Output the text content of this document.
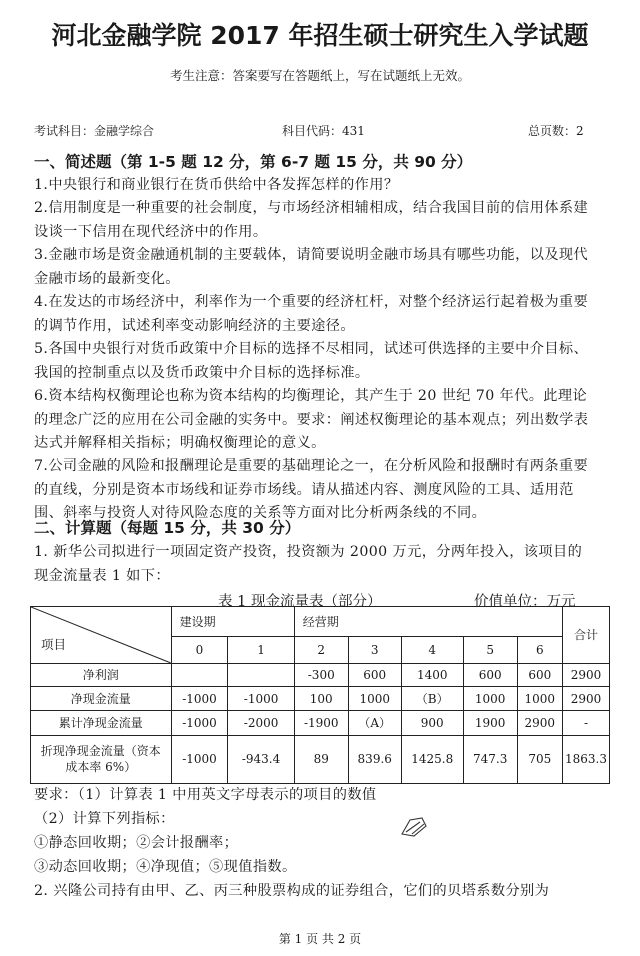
河北金融学院 2017 年招生硕士研究生入学试题
考生注意：答案要写在答题纸上，写在试题纸上无效。
考试科目：金融学综合	科目代码：431	总页数：2
一、简述题（第 1-5 题 12 分，第 6-7 题 15 分，共 90 分）
1.中央银行和商业银行在货币供给中各发挥怎样的作用？
2.信用制度是一种重要的社会制度，与市场经济相辅相成，结合我国目前的信用体系建设谈一下信用在现代经济中的作用。
3.金融市场是资金融通机制的主要载体，请简要说明金融市场具有哪些功能，以及现代金融市场的最新变化。
4.在发达的市场经济中，利率作为一个重要的经济杠杆，对整个经济运行起着极为重要的调节作用，试述利率变动影响经济的主要途径。
5.各国中央银行对货币政策中介目标的选择不尽相同，试述可供选择的主要中介目标、我国的控制重点以及货币政策中介目标的选择标准。
6.资本结构权衡理论也称为资本结构的均衡理论，其产生于 20 世纪 70 年代。此理论的理念广泛的应用在公司金融的实务中。要求：阐述权衡理论的基本观点；列出数学表达式并解释相关指标；明确权衡理论的意义。
7.公司金融的风险和报酬理论是重要的基础理论之一，在分析风险和报酬时有两条重要的直线，分别是资本市场线和证券市场线。请从描述内容、测度风险的工具、适用范围、斜率与投资人对待风险态度的关系等方面对比分析两条线的不同。
二、计算题（每题 15 分，共 30 分）
1. 新华公司拟进行一项固定资产投资，投资额为 2000 万元，分两年投入，该项目的现金流量表 1 如下：
表 1 现金流量表（部分）	价值单位：万元
项目	建设期		经营期					合计
	0	1	2	3	4	5	6	
净利润			-300	600	1400	600	600	2900
净现金流量	-1000	-1000	100	1000	（B）	1000	1000	2900
累计净现金流量	-1000	-2000	-1900	（A）	900	1900	2900	-
折现净现金流量（资本
成本率 6%）	-1000	-943.4	89	839.6	1425.8	747.3	705	1863.3
要求：（1）计算表 1 中用英文字母表示的项目的数值
（2）计算下列指标：
①静态回收期；②会计报酬率；
③动态回收期；④净现值；⑤现值指数。
2. 兴隆公司持有由甲、乙、丙三种股票构成的证券组合，它们的贝塔系数分别为
第 1 页 共 2 页
